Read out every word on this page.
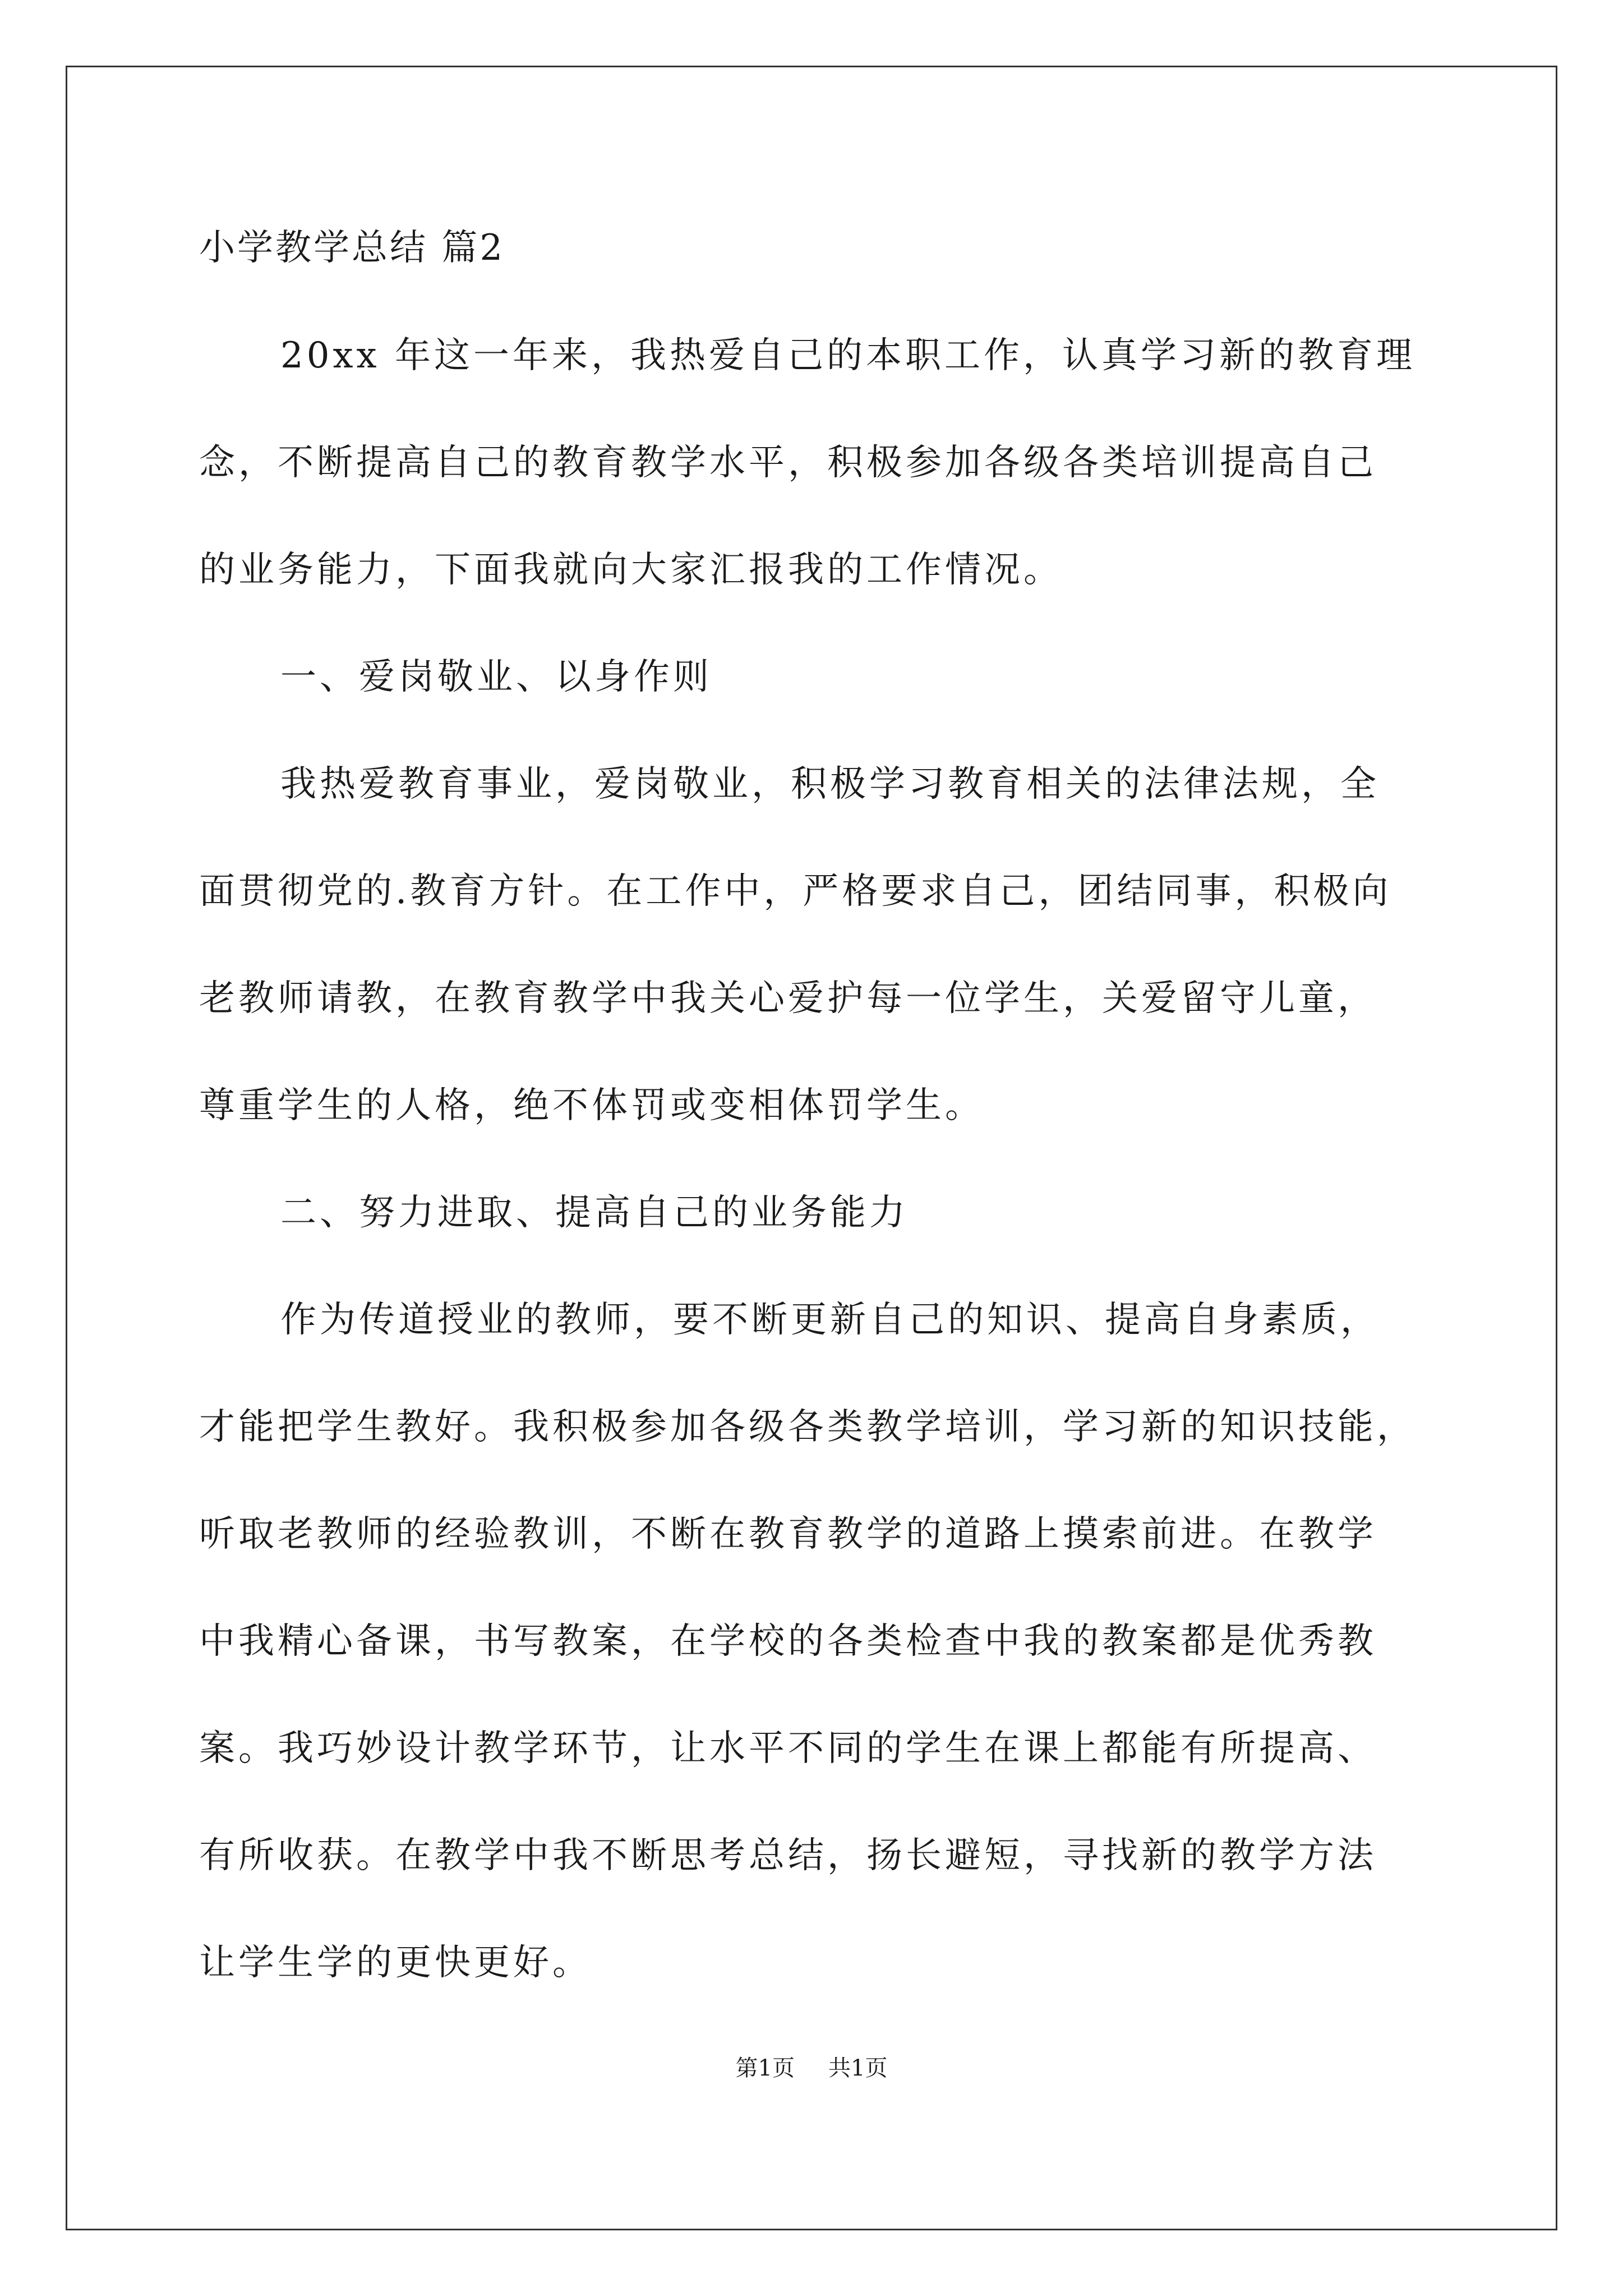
小学教学总结 篇2
20xx 年这一年来，我热爱自己的本职工作，认真学习新的教育理
念，不断提高自己的教育教学水平，积极参加各级各类培训提高自己
的业务能力，下面我就向大家汇报我的工作情况。
一、爱岗敬业、以身作则
我热爱教育事业，爱岗敬业，积极学习教育相关的法律法规，全
面贯彻党的.教育方针。在工作中，严格要求自己，团结同事，积极向
老教师请教，在教育教学中我关心爱护每一位学生，关爱留守儿童，
尊重学生的人格，绝不体罚或变相体罚学生。
二、努力进取、提高自己的业务能力
作为传道授业的教师，要不断更新自己的知识、提高自身素质，
才能把学生教好。我积极参加各级各类教学培训，学习新的知识技能，
听取老教师的经验教训，不断在教育教学的道路上摸索前进。在教学
中我精心备课，书写教案，在学校的各类检查中我的教案都是优秀教
案。我巧妙设计教学环节，让水平不同的学生在课上都能有所提高、
有所收获。在教学中我不断思考总结，扬长避短，寻找新的教学方法
让学生学的更快更好。
第1页 共1页
